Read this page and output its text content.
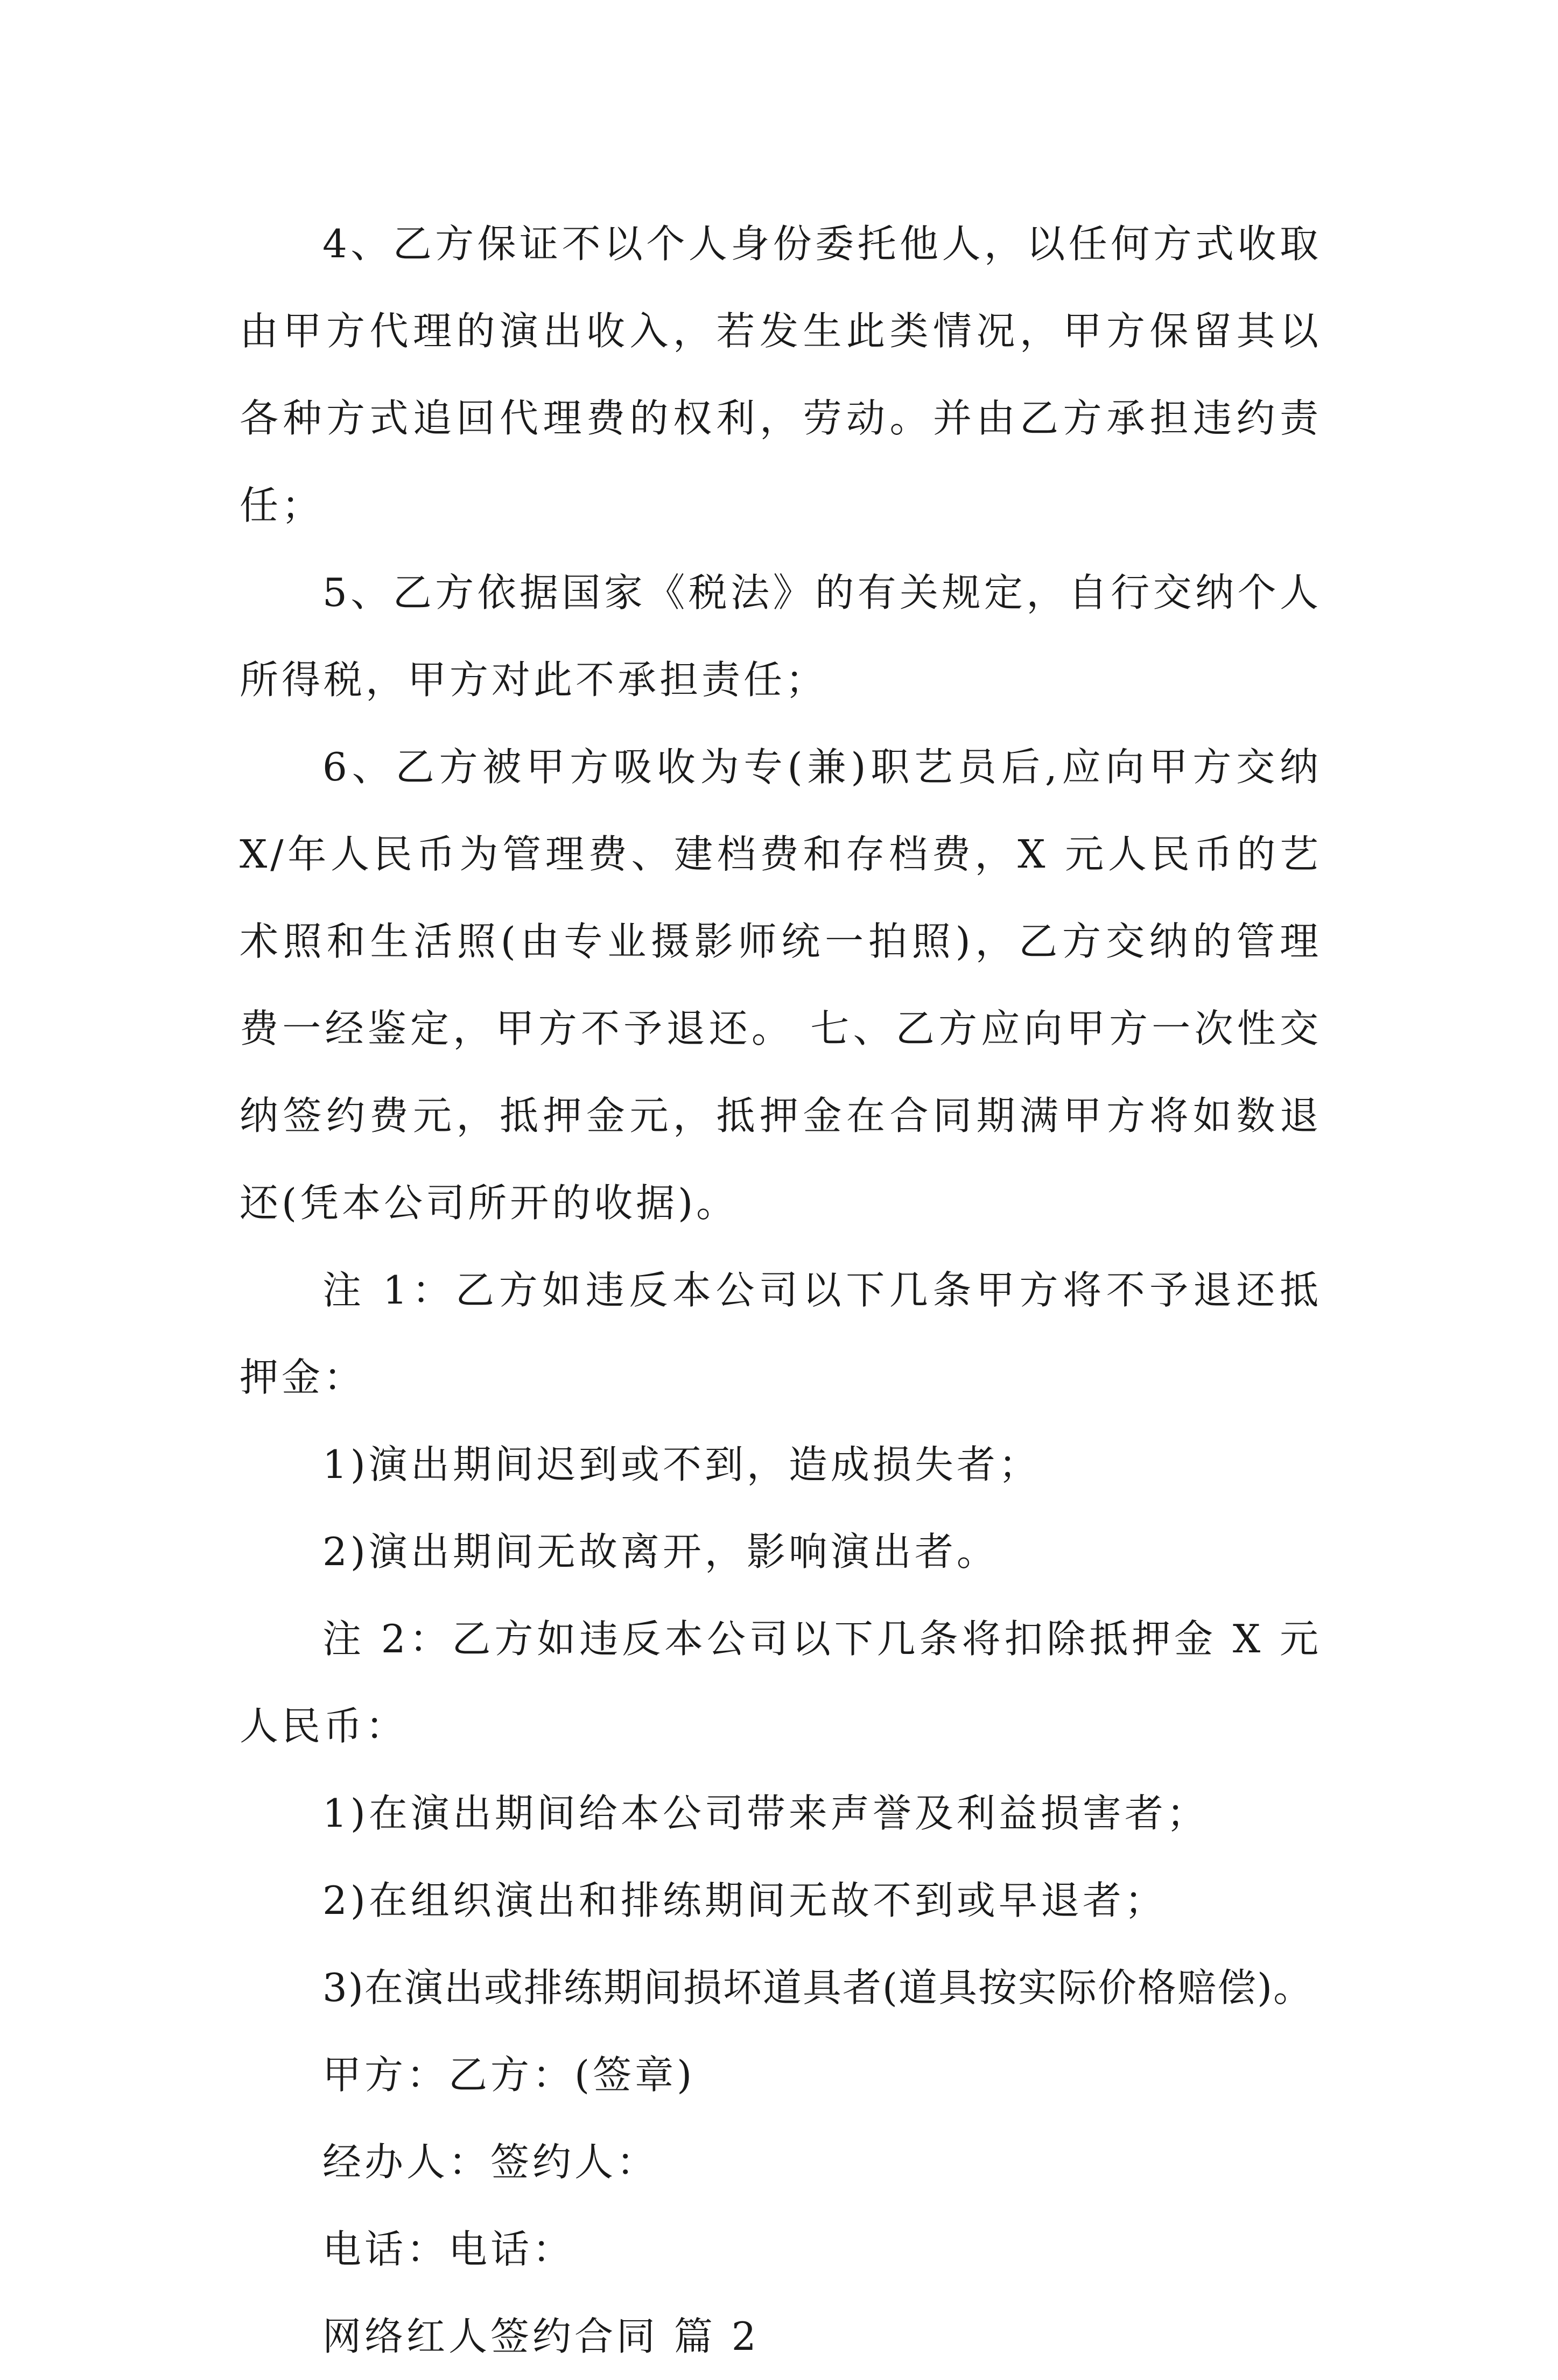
4、乙方保证不以个人身份委托他人，以任何方式收取由甲方代理的演出收入，若发生此类情况，甲方保留其以各种方式追回代理费的权利，劳动。并由乙方承担违约责任；

5、乙方依据国家《税法》的有关规定，自行交纳个人所得税，甲方对此不承担责任；

6、乙方被甲方吸收为专(兼)职艺员后,应向甲方交纳 X/年人民币为管理费、建档费和存档费，X 元人民币的艺术照和生活照(由专业摄影师统一拍照)，乙方交纳的管理费一经鉴定，甲方不予退还。 七、乙方应向甲方一次性交纳签约费元，抵押金元，抵押金在合同期满甲方将如数退还(凭本公司所开的收据)。

注 1：乙方如违反本公司以下几条甲方将不予退还抵押金：

1)演出期间迟到或不到，造成损失者；

2)演出期间无故离开，影响演出者。

注 2：乙方如违反本公司以下几条将扣除抵押金 X 元人民币：

1)在演出期间给本公司带来声誉及利益损害者；

2)在组织演出和排练期间无故不到或早退者；

3)在演出或排练期间损坏道具者(道具按实际价格赔偿)。

甲方：乙方：(签章)

经办人：签约人：

电话：电话：

网络红人签约合同 篇 2
